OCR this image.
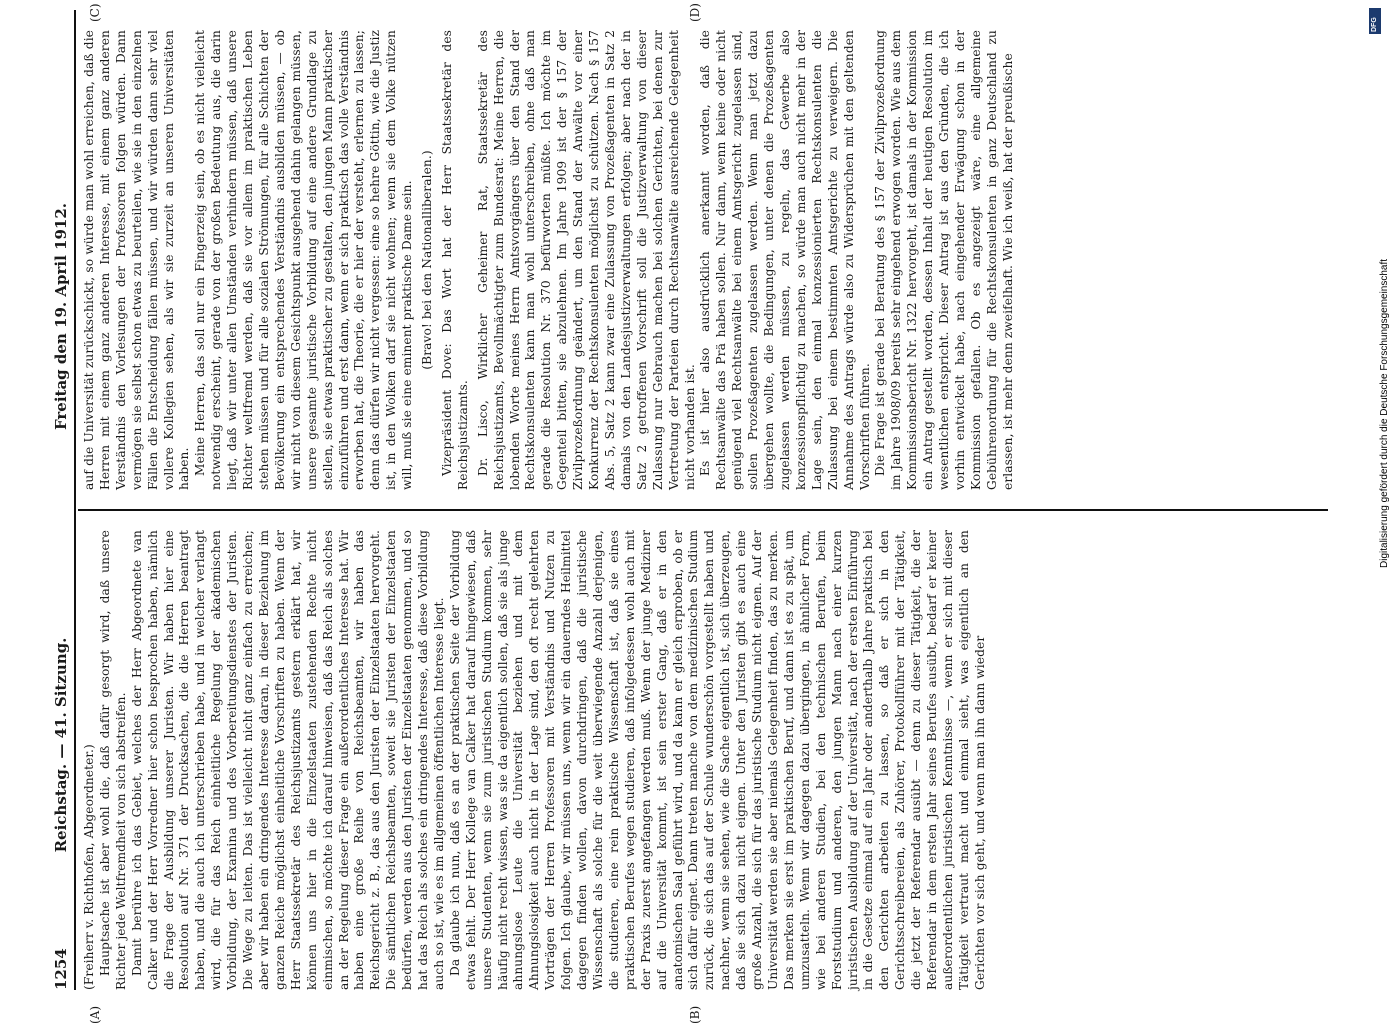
1254
Reichstag. — 41. Sitzung.
Freitag den 19. April 1912.

(Freiherr v. Richthofen, Abgeordneter.) Hauptsache ist aber wohl die, daß dafür gesorgt wird, daß unsere Richter jede Weltfremdheit von sich abstreifen. Damit berühre ich das Gebiet, welches der Herr Abgeordnete van Calker und der Herr Vorredner hier schon besprochen haben, nämlich die Frage der Ausbildung unserer Juristen. Wir haben hier eine Resolution auf Nr. 371 der Drucksachen, die die Herren beantragt haben, und die auch ich unterschrieben habe, und in welcher verlangt wird, die für das Reich einheitliche Regelung der akademischen Vorbildung, der Examina und des Vorbereitungsdienstes der Juristen. Die Wege zu leiten. Das ist vielleicht nicht ganz einfach zu erreichen; aber wir haben ein dringendes Interesse daran, in dieser Beziehung im ganzen Reiche möglichst einheitliche Vorschriften zu haben. Wenn der Herr Staatssekretär des Reichsjustizamts gestern erklärt hat, wir können uns hier in die Einzelstaaten zustehenden Rechte nicht einmischen, so möchte ich darauf hinweisen, daß das Reich als solches an der Regelung dieser Frage ein außerordentliches Interesse hat. Wir haben eine große Reihe von Reichsbeamten, wir haben das Reichsgericht z. B., das aus den Juristen der Einzelstaaten hervorgeht. Die sämtlichen Reichsbeamten, soweit sie Juristen der Einzelstaaten bedürfen, werden aus den Juristen der Einzelstaaten genommen, und so hat das Reich als solches ein dringendes Interesse, daß diese Vorbildung auch so ist, wie es im allgemeinen öffentlichen Interesse liegt. Da glaube ich nun, daß es an der praktischen Seite der Vorbildung etwas fehlt. Der Herr Kollege van Calker hat darauf hingewiesen, daß unsere Studenten, wenn sie zum juristischen Studium kommen, sehr häufig nicht recht wissen, was sie da eigentlich sollen, daß sie als junge ahnungslose Leute die Universität beziehen und mit dem Ahnungslosigkeit auch nicht in der Lage sind, den oft recht gelehrten Vorträgen der Herren Professoren mit Verständnis und Nutzen zu folgen. Ich glaube, wir müssen uns, wenn wir ein dauerndes Heilmittel dagegen finden wollen, davon durchdringen, daß die juristische Wissenschaft als solche für die weit überwiegende Anzahl derjenigen, die studieren, eine rein praktische Wissenschaft ist, daß sie eines praktischen Berufes wegen studieren, daß infolgedessen wohl auch mit der Praxis zuerst angefangen werden muß. Wenn der junge Mediziner auf die Universität kommt, ist sein erster Gang, daß er in den anatomischen Saal geführt wird, und da kann er gleich erproben, ob er sich dafür eignet. Dann treten manche von dem medizinischen Studium zurück, die sich das auf der Schule wunderschön vorgestellt haben und nachher, wenn sie sehen, wie die Sache eigentlich ist, sich überzeugen, daß sie sich dazu nicht eignen. Unter den Juristen gibt es auch eine große Anzahl, die sich für das juristische Studium nicht eignen. Auf der Universität werden sie aber niemals Gelegenheit finden, das zu merken. Das merken sie erst im praktischen Beruf, und dann ist es zu spät, um umzusatteln. Wenn wir dagegen dazu übergingen, in ähnlicher Form, wie bei anderen Studien, bei den technischen Berufen, beim Forststudium und anderen, den jungen Mann nach einer kurzen juristischen Ausbildung auf der Universität, nach der ersten Einführung in die Gesetze einmal auf ein Jahr oder anderthalb Jahre praktisch bei den Gerichten arbeiten zu lassen, so daß er sich in den Gerichtsschreibereien, als Zuhörer, Protokollführer mit der Tätigkeit, die jetzt der Referendar ausübt — denn zu dieser Tätigkeit, die der Referendar in dem ersten Jahr seines Berufes ausübt, bedarf er keiner außerordentlichen juristischen Kenntnisse —, wenn er sich mit dieser Tätigkeit vertraut macht und einmal sieht, was eigentlich an den Gerichten vor sich geht, und wenn man ihn dann wieder

auf die Universität zurückschickt, so würde man wohl erreichen, daß die Herren mit einem ganz anderen Interesse, mit einem ganz anderen Verständnis den Vorlesungen der Professoren folgen würden. Dann vermögen sie selbst schon etwas zu beurteilen, wie sie in den einzelnen Fällen die Entscheidung fällen müssen, und wir würden dann sehr viel vollere Kollegien sehen, als wir sie zurzeit an unseren Universitäten haben. Meine Herren, das soll nur ein Fingerzeig sein, ob es nicht vielleicht notwendig erscheint, gerade von der großen Bedeutung aus, die darin liegt, daß wir unter allen Umständen verhindern müssen, daß unsere Richter weltfremd werden, daß sie vor allem im praktischen Leben stehen müssen und für alle sozialen Strömungen, für alle Schichten der Bevölkerung ein entsprechendes Verständnis ausbilden müssen, — ob wir nicht von diesem Gesichtspunkt ausgehend dahin gelangen müssen, unsere gesamte juristische Vorbildung auf eine andere Grundlage zu stellen, sie etwas praktischer zu gestalten, den jungen Mann praktischer einzuführen und erst dann, wenn er sich praktisch das volle Verständnis erworben hat, die Theorie, die er hier der versteht, erlernen zu lassen; denn das dürfen wir nicht vergessen: eine so hehre Göttin, wie die Justiz ist, in den Wolken darf sie nicht wohnen; wenn sie dem Volke nützen will, muß sie eine eminent praktische Dame sein. (Bravo! bei den Nationalliberalen.) Vizepräsident Dove: Das Wort hat der Herr Staatssekretär des Reichsjustizamts. Dr. Lisco, Wirklicher Geheimer Rat, Staatssekretär des Reichsjustizamts, Bevollmächtigter zum Bundesrat: Meine Herren, die lobenden Worte meines Herrn Amtsvorgängers über den Stand der Rechtskonsulenten kann man wohl unterschreiben, ohne daß man gerade die Resolution Nr. 370 befürworten müßte. Ich möchte im Gegenteil bitten, sie abzulehnen. Im Jahre 1909 ist der § 157 der Zivilprozeßordnung geändert, um den Stand der Anwälte vor einer Konkurrenz der Rechtskonsulenten möglichst zu schützen. Nach § 157 Abs. 5, Satz 2 kann zwar eine Zulassung von Prozeßagenten in Satz 2 damals von den Landesjustizverwaltungen erfolgen; aber nach der in Satz 2 getroffenen Vorschrift soll die Justizverwaltung von dieser Zulassung nur Gebrauch machen bei solchen Gerichten, bei denen zur Vertretung der Parteien durch Rechtsanwälte ausreichende Gelegenheit nicht vorhanden ist. Es ist hier also ausdrücklich anerkannt worden, daß die Rechtsanwälte das Prä haben sollen. Nur dann, wenn keine oder nicht genügend viel Rechtsanwälte bei einem Amtsgericht zugelassen sind, sollen Prozeßagenten zugelassen werden. Wenn man jetzt dazu übergehen wollte, die Bedingungen, unter denen die Prozeßagenten zugelassen werden müssen, zu regeln, das Gewerbe also konzessionspflichtig zu machen, so würde man auch nicht mehr in der Lage sein, den einmal konzessionierten Rechtskonsulenten die Zulassung bei einem bestimmten Amtsgerichte zu verweigern. Die Annahme des Antrags würde also zu Widersprüchen mit den geltenden Vorschriften führen. Die Frage ist gerade bei Beratung des § 157 der Zivilprozeßordnung im Jahre 1908/09 bereits sehr eingehend erwogen worden. Wie aus dem Kommissionsbericht Nr. 1322 hervorgeht, ist damals in der Kommission ein Antrag gestellt worden, dessen Inhalt der heutigen Resolution im wesentlichen entspricht. Dieser Antrag ist aus den Gründen, die ich vorhin entwickelt habe, nach eingehender Erwägung schon in der Kommission gefallen. Ob es angezeigt wäre, eine allgemeine Gebührenordnung für die Rechtskonsulenten in ganz Deutschland zu erlassen, ist mehr denn zweifelhaft. Wie ich weiß, hat der preußische

(A)	(B)
(C)	(D)
DFG
Digitalisierung gefördert durch die Deutsche Forschungsgemeinschaft
